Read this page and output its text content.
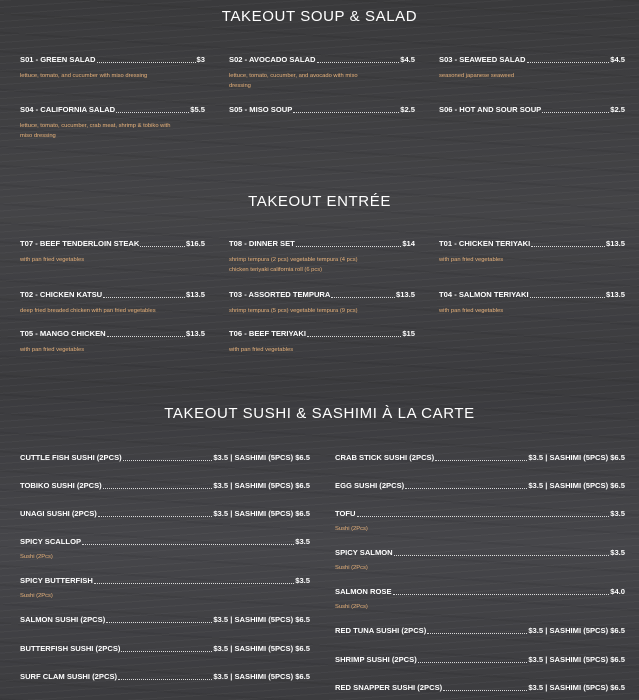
TAKEOUT SOUP & SALAD
S01 - GREEN SALAD	$3
lettuce, tomato, and cucumber with miso dressing
S02 - AVOCADO SALAD	$4.5
lettuce, tomato, cucumber, and avocado with miso dressing
S03 - SEAWEED SALAD	$4.5
seasoned japanese seaweed
S04 - CALIFORNIA SALAD	$5.5
lettuce, tomato, cucumber, crab meat, shrimp & tobiko with miso dressing
S05 - MISO SOUP	$2.5	S06 - HOT AND SOUR SOUP	$2.5
TAKEOUT ENTRÉE
T07 - BEEF TENDERLOIN STEAK	$16.5
with pan fried vegetables
T08 - DINNER SET	$14
shrimp tempura (2 pcs) vegetable tempura (4 pcs) chicken teriyaki california roll (6 pcs)
T01 - CHICKEN TERIYAKI	$13.5
with pan fried vegetables
T02 - CHICKEN KATSU	$13.5
deep fried breaded chicken with pan fried vegetables
T03 - ASSORTED TEMPURA	$13.5
shrimp tempura (5 pcs) vegetable tempura (9 pcs)
T04 - SALMON TERIYAKI	$13.5
with pan fried vegetables
T05 - MANGO CHICKEN	$13.5
with pan fried vegetables
T06 - BEEF TERIYAKI	$15
with pan fried vegetables
TAKEOUT SUSHI & SASHIMI À LA CARTE
CUTTLE FISH SUSHI (2PCS)	$3.5 | SASHIMI (5PCS) $6.5
TOBIKO SUSHI (2PCS)	$3.5 | SASHIMI (5PCS) $6.5
UNAGI SUSHI (2PCS)	$3.5 | SASHIMI (5PCS) $6.5
SPICY SCALLOP	$3.5
Sushi (2Pcs)
SPICY BUTTERFISH	$3.5
Sushi (2Pcs)
SALMON SUSHI (2PCS)	$3.5 | SASHIMI (5PCS) $6.5
BUTTERFISH SUSHI (2PCS)	$3.5 | SASHIMI (5PCS) $6.5
SURF CLAM SUSHI (2PCS)	$3.5 | SASHIMI (5PCS) $6.5
CRAB STICK SUSHI (2PCS)	$3.5 | SASHIMI (5PCS) $6.5
EGG SUSHI (2PCS)	$3.5 | SASHIMI (5PCS) $6.5
TOFU	$3.5
Sushi (2Pcs)
SPICY SALMON	$3.5
Sushi (2Pcs)
SALMON ROSE	$4.0
Sushi (2Pcs)
RED TUNA SUSHI (2PCS)	$3.5 | SASHIMI (5PCS) $6.5
SHRIMP SUSHI (2PCS)	$3.5 | SASHIMI (5PCS) $6.5
RED SNAPPER SUSHI (2PCS)	$3.5 | SASHIMI (5PCS) $6.5
